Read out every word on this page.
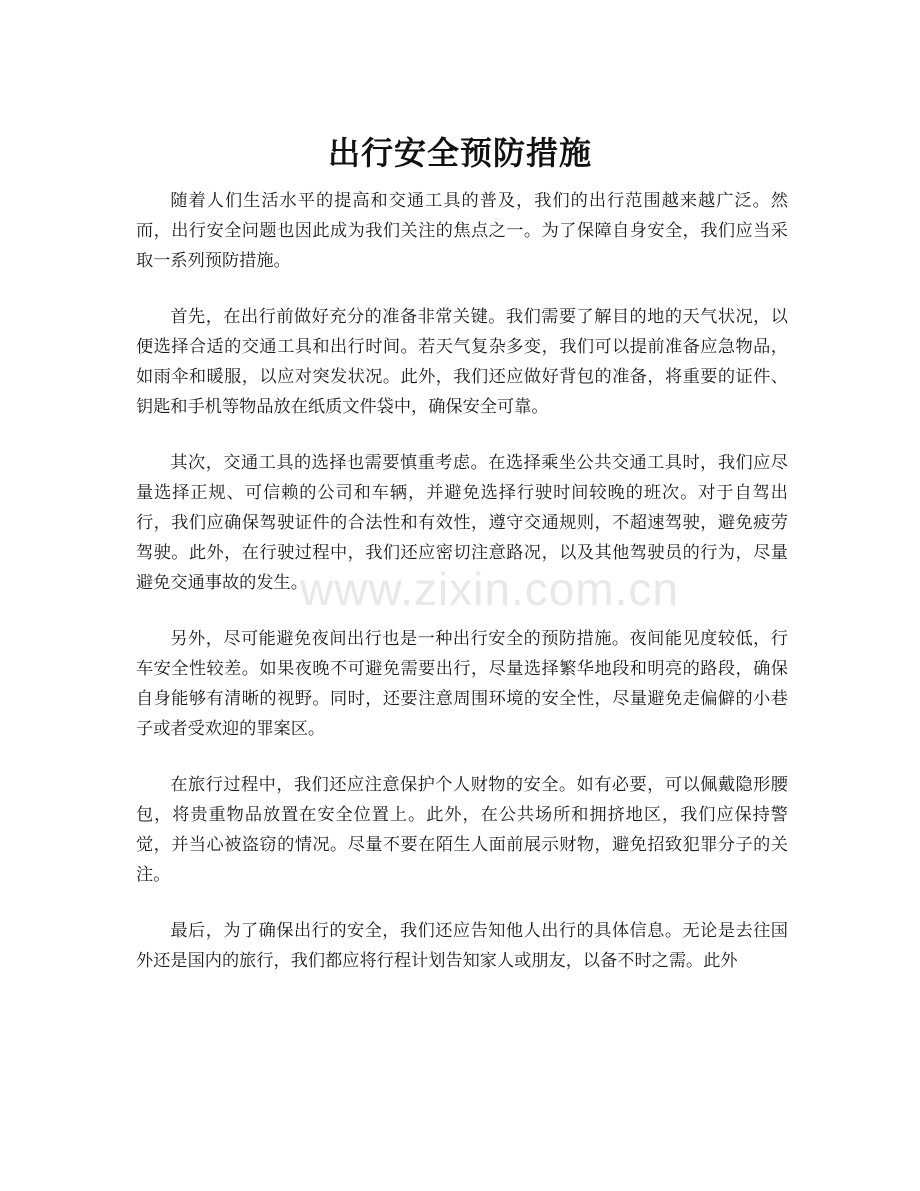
www.zixin.com.cn
出行安全预防措施

随着人们生活水平的提高和交通工具的普及，我们的出行范围越来越广泛。然而，出行安全问题也因此成为我们关注的焦点之一。为了保障自身安全，我们应当采取一系列预防措施。

首先，在出行前做好充分的准备非常关键。我们需要了解目的地的天气状况，以便选择合适的交通工具和出行时间。若天气复杂多变，我们可以提前准备应急物品，如雨伞和暖服，以应对突发状况。此外，我们还应做好背包的准备，将重要的证件、钥匙和手机等物品放在纸质文件袋中，确保安全可靠。

其次，交通工具的选择也需要慎重考虑。在选择乘坐公共交通工具时，我们应尽量选择正规、可信赖的公司和车辆，并避免选择行驶时间较晚的班次。对于自驾出行，我们应确保驾驶证件的合法性和有效性，遵守交通规则，不超速驾驶，避免疲劳驾驶。此外，在行驶过程中，我们还应密切注意路况，以及其他驾驶员的行为，尽量避免交通事故的发生。

另外，尽可能避免夜间出行也是一种出行安全的预防措施。夜间能见度较低，行车安全性较差。如果夜晚不可避免需要出行，尽量选择繁华地段和明亮的路段，确保自身能够有清晰的视野。同时，还要注意周围环境的安全性，尽量避免走偏僻的小巷子或者受欢迎的罪案区。

在旅行过程中，我们还应注意保护个人财物的安全。如有必要，可以佩戴隐形腰包，将贵重物品放置在安全位置上。此外，在公共场所和拥挤地区，我们应保持警觉，并当心被盗窃的情况。尽量不要在陌生人面前展示财物，避免招致犯罪分子的关注。

最后，为了确保出行的安全，我们还应告知他人出行的具体信息。无论是去往国外还是国内的旅行，我们都应将行程计划告知家人或朋友，以备不时之需。此外
